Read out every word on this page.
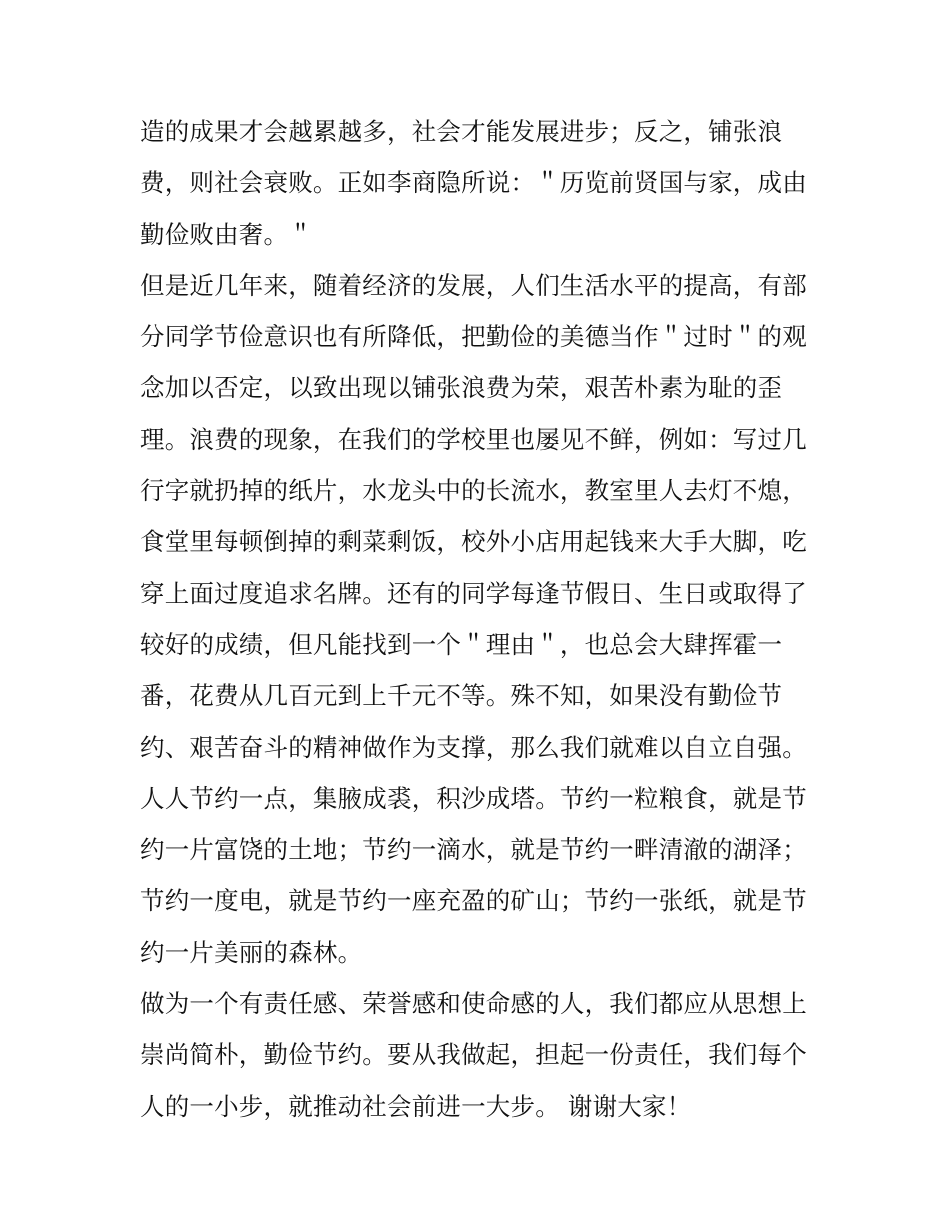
造的成果才会越累越多，社会才能发展进步；反之，铺张浪
费，则社会衰败。正如李商隐所说：＂历览前贤国与家，成由
勤俭败由奢。＂
但是近几年来，随着经济的发展，人们生活水平的提高，有部
分同学节俭意识也有所降低，把勤俭的美德当作＂过时＂的观
念加以否定，以致出现以铺张浪费为荣，艰苦朴素为耻的歪
理。浪费的现象，在我们的学校里也屡见不鲜，例如：写过几
行字就扔掉的纸片，水龙头中的长流水，教室里人去灯不熄，
食堂里每顿倒掉的剩菜剩饭，校外小店用起钱来大手大脚，吃
穿上面过度追求名牌。还有的同学每逢节假日、生日或取得了
较好的成绩，但凡能找到一个＂理由＂，也总会大肆挥霍一
番，花费从几百元到上千元不等。殊不知，如果没有勤俭节
约、艰苦奋斗的精神做作为支撑，那么我们就难以自立自强。
人人节约一点，集腋成裘，积沙成塔。节约一粒粮食，就是节
约一片富饶的土地；节约一滴水，就是节约一畔清澈的湖泽；
节约一度电，就是节约一座充盈的矿山；节约一张纸，就是节
约一片美丽的森林。
做为一个有责任感、荣誉感和使命感的人，我们都应从思想上
崇尚简朴，勤俭节约。要从我做起，担起一份责任，我们每个
人的一小步，就推动社会前进一大步。 谢谢大家！
